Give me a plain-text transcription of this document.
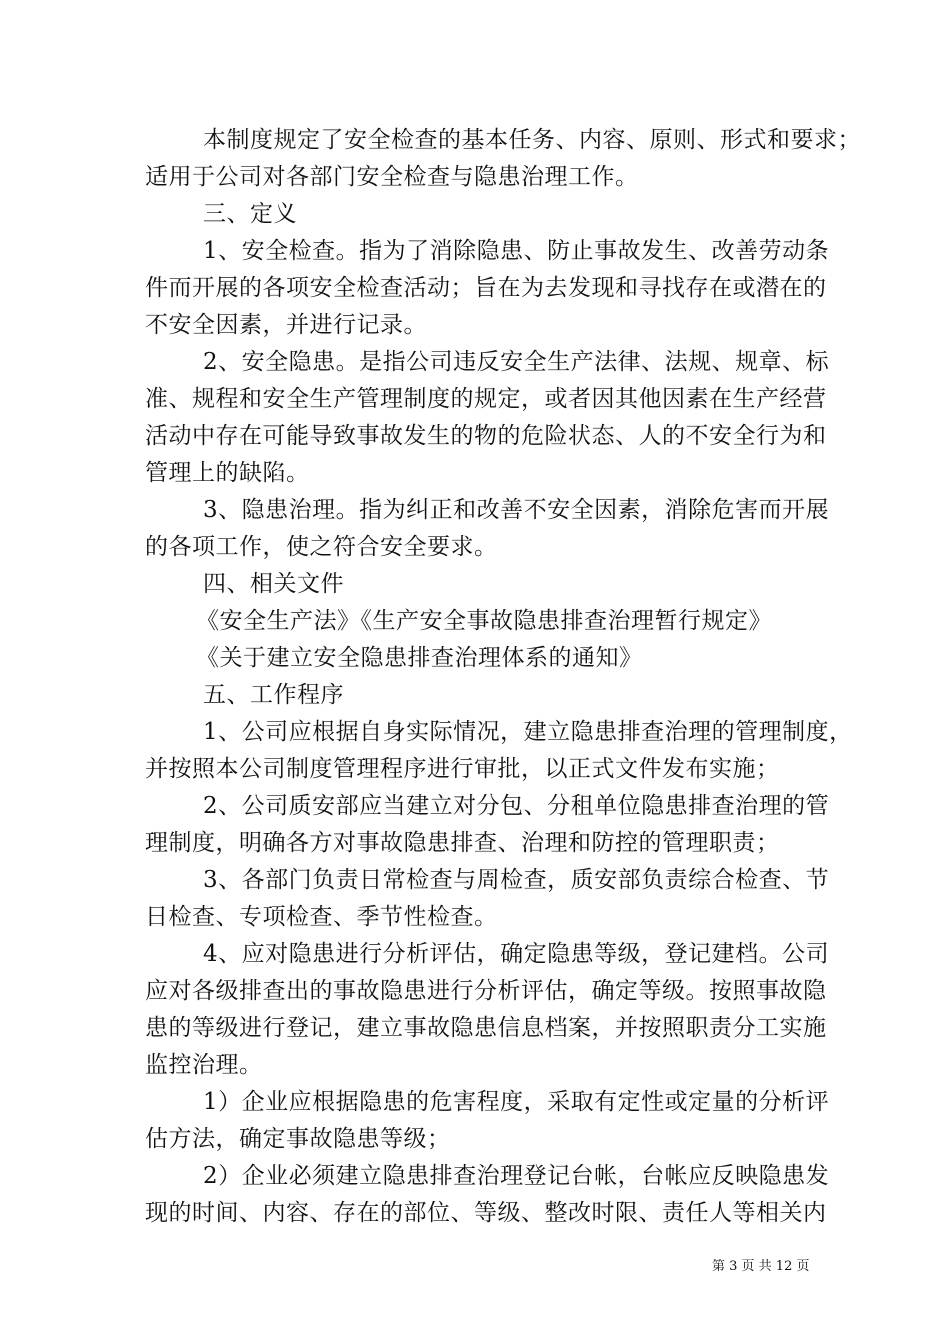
本制度规定了安全检查的基本任务、内容、原则、形式和要求；
适用于公司对各部门安全检查与隐患治理工作。
三、定义
1、安全检查。指为了消除隐患、防止事故发生、改善劳动条
件而开展的各项安全检查活动；旨在为去发现和寻找存在或潜在的
不安全因素，并进行记录。
2、安全隐患。是指公司违反安全生产法律、法规、规章、标
准、规程和安全生产管理制度的规定，或者因其他因素在生产经营
活动中存在可能导致事故发生的物的危险状态、人的不安全行为和
管理上的缺陷。
3、隐患治理。指为纠正和改善不安全因素，消除危害而开展
的各项工作，使之符合安全要求。
四、相关文件
《安全生产法》《生产安全事故隐患排查治理暂行规定》
《关于建立安全隐患排查治理体系的通知》
五、工作程序
1、公司应根据自身实际情况，建立隐患排查治理的管理制度，
并按照本公司制度管理程序进行审批，以正式文件发布实施；
2、公司质安部应当建立对分包、分租单位隐患排查治理的管
理制度，明确各方对事故隐患排查、治理和防控的管理职责；
3、各部门负责日常检查与周检查，质安部负责综合检查、节
日检查、专项检查、季节性检查。
4、应对隐患进行分析评估，确定隐患等级，登记建档。公司
应对各级排查出的事故隐患进行分析评估，确定等级。按照事故隐
患的等级进行登记，建立事故隐患信息档案，并按照职责分工实施
监控治理。
1）企业应根据隐患的危害程度，采取有定性或定量的分析评
估方法，确定事故隐患等级；
2）企业必须建立隐患排查治理登记台帐，台帐应反映隐患发
现的时间、内容、存在的部位、等级、整改时限、责任人等相关内
第 3 页 共 12 页
